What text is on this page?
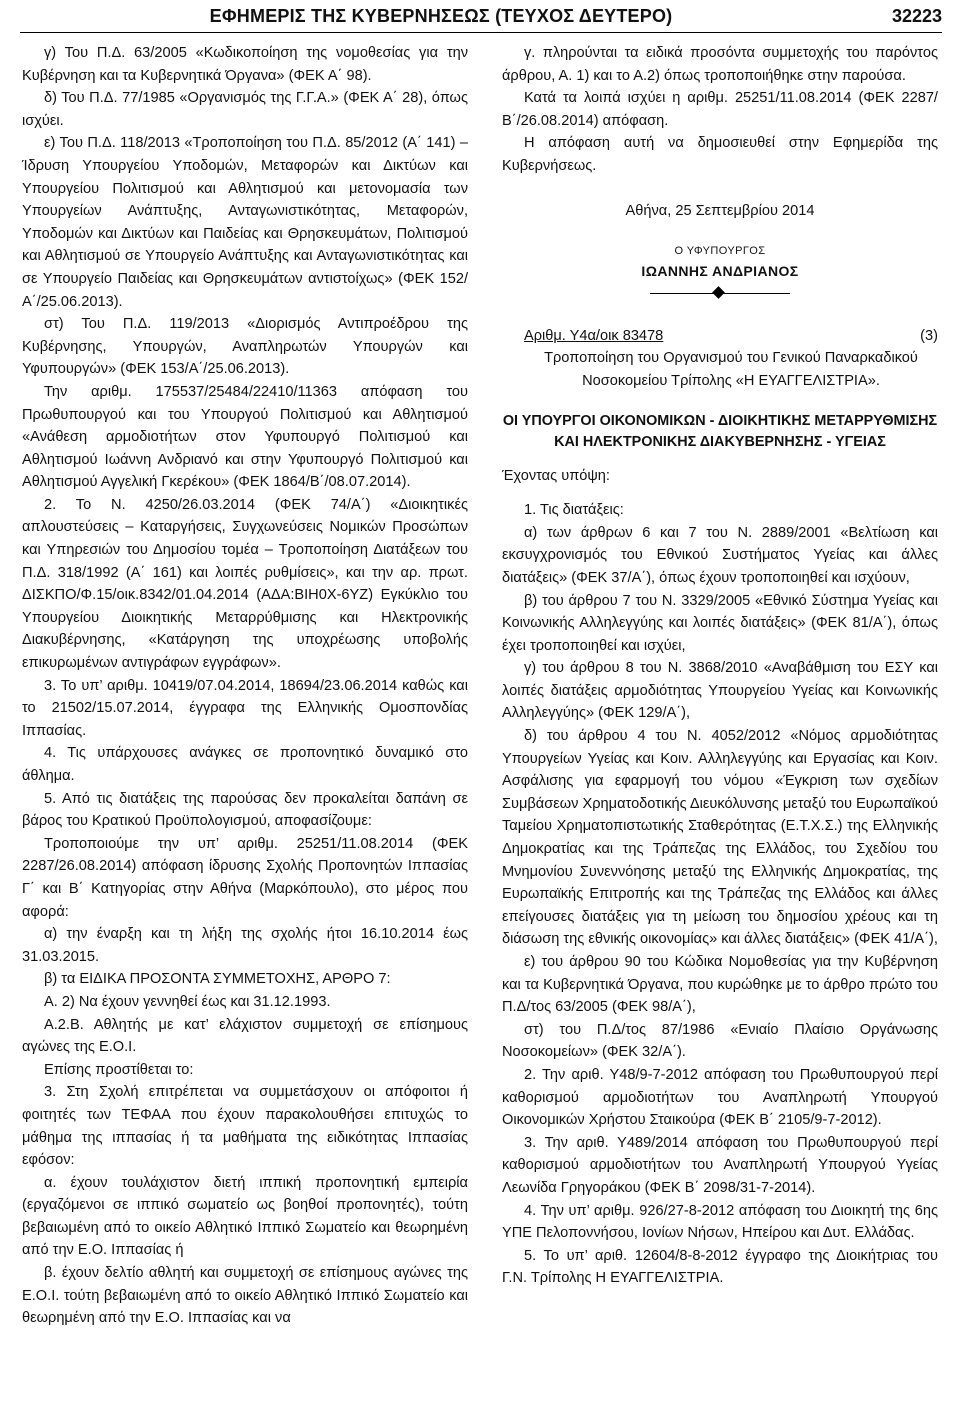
ΕΦΗΜΕΡΙΣ ΤΗΣ ΚΥΒΕΡΝΗΣΕΩΣ (ΤΕΥΧΟΣ ΔΕΥΤΕΡΟ)	32223

γ) Του Π.Δ. 63/2005 «Κωδικοποίηση της νομοθεσίας για την Κυβέρνηση και τα Κυβερνητικά Όργανα» (ΦΕΚ Α΄ 98).

δ) Του Π.Δ. 77/1985 «Οργανισμός της Γ.Γ.Α.» (ΦΕΚ Α΄ 28), όπως ισχύει.

ε) Του Π.Δ. 118/2013 «Τροποποίηση του Π.Δ. 85/2012 (Α΄ 141) – Ίδρυση Υπουργείου Υποδομών, Μεταφορών και Δικτύων και Υπουργείου Πολιτισμού και Αθλητισμού και μετονομασία των Υπουργείων Ανάπτυξης, Ανταγωνιστικότητας, Μεταφορών, Υποδομών και Δικτύων και Παιδείας και Θρησκευμάτων, Πολιτισμού και Αθλητισμού σε Υπουργείο Ανάπτυξης και Ανταγωνιστικότητας και σε Υπουργείο Παιδείας και Θρησκευμάτων αντιστοίχως» (ΦΕΚ 152/Α΄/25.06.2013).

στ) Του Π.Δ. 119/2013 «Διορισμός Αντιπροέδρου της Κυβέρνησης, Υπουργών, Αναπληρωτών Υπουργών και Υφυπουργών» (ΦΕΚ 153/Α΄/25.06.2013).

Την αριθμ. 175537/25484/22410/11363 απόφαση του Πρωθυπουργού και του Υπουργού Πολιτισμού και Αθλητισμού «Ανάθεση αρμοδιοτήτων στον Υφυπουργό Πολιτισμού και Αθλητισμού Ιωάννη Ανδριανό και στην Υφυπουργό Πολιτισμού και Αθλητισμού Αγγελική Γκερέκου» (ΦΕΚ 1864/Β΄/08.07.2014).

2. Το Ν. 4250/26.03.2014 (ΦΕΚ 74/Α΄) «Διοικητικές απλουστεύσεις – Καταργήσεις, Συγχωνεύσεις Νομικών Προσώπων και Υπηρεσιών του Δημοσίου τομέα – Τροποποίηση Διατάξεων του Π.Δ. 318/1992 (Α΄ 161) και λοιπές ρυθμίσεις», και την αρ. πρωτ. ΔΙΣΚΠΟ/Φ.15/οικ.8342/01.04.2014 (ΑΔΑ:ΒΙΗ0Χ-6ΥΖ) Εγκύκλιο του Υπουργείου Διοικητικής Μεταρρύθμισης και Ηλεκτρονικής Διακυβέρνησης, «Κατάργηση της υποχρέωσης υποβολής επικυρωμένων αντιγράφων εγγράφων».

3. Το υπ’ αριθμ. 10419/07.04.2014, 18694/23.06.2014 καθώς και το 21502/15.07.2014, έγγραφα της Ελληνικής Ομοσπονδίας Ιππασίας.

4. Τις υπάρχουσες ανάγκες σε προπονητικό δυναμικό στο άθλημα.

5. Από τις διατάξεις της παρούσας δεν προκαλείται δαπάνη σε βάρος του Κρατικού Προϋπολογισμού, αποφασίζουμε:

Τροποποιούμε την υπ’ αριθμ. 25251/11.08.2014 (ΦΕΚ 2287/26.08.2014) απόφαση ίδρυσης Σχολής Προπονητών Ιππασίας Γ΄ και Β΄ Κατηγορίας στην Αθήνα (Μαρκόπουλο), στο μέρος που αφορά:

α) την έναρξη και τη λήξη της σχολής ήτοι 16.10.2014 έως 31.03.2015.

β) τα ΕΙΔΙΚΑ ΠΡΟΣΟΝΤΑ ΣΥΜΜΕΤΟΧΗΣ, ΑΡΘΡΟ 7:

Α. 2) Να έχουν γεννηθεί έως και 31.12.1993.

Α.2.Β. Αθλητής με κατ’ ελάχιστον συμμετοχή σε επίσημους αγώνες της Ε.Ο.Ι.

Επίσης προστίθεται το:

3. Στη Σχολή επιτρέπεται να συμμετάσχουν οι απόφοιτοι ή φοιτητές των ΤΕΦΑΑ που έχουν παρακολουθήσει επιτυχώς το μάθημα της ιππασίας ή τα μαθήματα της ειδικότητας Ιππασίας εφόσον:

α. έχουν τουλάχιστον διετή ιππική προπονητική εμπειρία (εργαζόμενοι σε ιππικό σωματείο ως βοηθοί προπονητές), τούτη βεβαιωμένη από το οικείο Αθλητικό Ιππικό Σωματείο και θεωρημένη από την Ε.Ο. Ιππασίας ή

β. έχουν δελτίο αθλητή και συμμετοχή σε επίσημους αγώνες της Ε.Ο.Ι. τούτη βεβαιωμένη από το οικείο Αθλητικό Ιππικό Σωματείο και θεωρημένη από την Ε.Ο. Ιππασίας και να

γ. πληρούνται τα ειδικά προσόντα συμμετοχής του παρόντος άρθρου, Α. 1) και το Α.2) όπως τροποποιήθηκε στην παρούσα.

Κατά τα λοιπά ισχύει η αριθμ. 25251/11.08.2014 (ΦΕΚ 2287/Β΄/26.08.2014) απόφαση.

Η απόφαση αυτή να δημοσιευθεί στην Εφημερίδα της Κυβερνήσεως.

Αθήνα, 25 Σεπτεμβρίου 2014

Ο ΥΦΥΠΟΥΡΓΟΣ

ΙΩΑΝΝΗΣ ΑΝΔΡΙΑΝΟΣ

Αριθμ. Υ4α/οικ 83478	(3)

Τροποποίηση του Οργανισμού του Γενικού Παναρκαδικού Νοσοκομείου Τρίπολης «Η ΕΥΑΓΓΕΛΙΣΤΡΙΑ».

ΟΙ ΥΠΟΥΡΓΟΙ ΟΙΚΟΝΟΜΙΚΩΝ - ΔΙΟΙΚΗΤΙΚΗΣ ΜΕΤΑΡΡΥΘΜΙΣΗΣ ΚΑΙ ΗΛΕΚΤΡΟΝΙΚΗΣ ΔΙΑΚΥΒΕΡΝΗΣΗΣ - ΥΓΕΙΑΣ

Έχοντας υπόψη:

1. Τις διατάξεις:

α) των άρθρων 6 και 7 του Ν. 2889/2001 «Βελτίωση και εκσυγχρονισμός του Εθνικού Συστήματος Υγείας και άλλες διατάξεις» (ΦΕΚ 37/Α΄), όπως έχουν τροποποιηθεί και ισχύουν,

β) του άρθρου 7 του Ν. 3329/2005 «Εθνικό Σύστημα Υγείας και Κοινωνικής Αλληλεγγύης και λοιπές διατάξεις» (ΦΕΚ 81/Α΄), όπως έχει τροποποιηθεί και ισχύει,

γ) του άρθρου 8 του Ν. 3868/2010 «Αναβάθμιση του ΕΣΥ και λοιπές διατάξεις αρμοδιότητας Υπουργείου Υγείας και Κοινωνικής Αλληλεγγύης» (ΦΕΚ 129/Α΄),

δ) του άρθρου 4 του Ν. 4052/2012 «Νόμος αρμοδιότητας Υπουργείων Υγείας και Κοιν. Αλληλεγγύης και Εργασίας και Κοιν. Ασφάλισης για εφαρμογή του νόμου «Έγκριση των σχεδίων Συμβάσεων Χρηματοδοτικής Διευκόλυνσης μεταξύ του Ευρωπαϊκού Ταμείου Χρηματοπιστωτικής Σταθερότητας (Ε.Τ.Χ.Σ.) της Ελληνικής Δημοκρατίας και της Τράπεζας της Ελλάδος, του Σχεδίου του Μνημονίου Συνεννόησης μεταξύ της Ελληνικής Δημοκρατίας, της Ευρωπαϊκής Επιτροπής και της Τράπεζας της Ελλάδος και άλλες επείγουσες διατάξεις για τη μείωση του δημοσίου χρέους και τη διάσωση της εθνικής οικονομίας» και άλλες διατάξεις» (ΦΕΚ 41/Α΄),

ε) του άρθρου 90 του Κώδικα Νομοθεσίας για την Κυβέρνηση και τα Κυβερνητικά Όργανα, που κυρώθηκε με το άρθρο πρώτο του Π.Δ/τος 63/2005 (ΦΕΚ 98/Α΄),

στ) του Π.Δ/τος 87/1986 «Ενιαίο Πλαίσιο Οργάνωσης Νοσοκομείων» (ΦΕΚ 32/Α΄).

2. Την αριθ. Υ48/9-7-2012 απόφαση του Πρωθυπουργού περί καθορισμού αρμοδιοτήτων του Αναπληρωτή Υπουργού Οικονομικών Χρήστου Σταικούρα (ΦΕΚ Β΄ 2105/9-7-2012).

3. Την αριθ. Υ489/2014 απόφαση του Πρωθυπουργού περί καθορισμού αρμοδιοτήτων του Αναπληρωτή Υπουργού Υγείας Λεωνίδα Γρηγοράκου (ΦΕΚ Β΄ 2098/31-7-2014).

4. Την υπ’ αριθμ. 926/27-8-2012 απόφαση του Διοικητή της 6ης ΥΠΕ Πελοποννήσου, Ιονίων Νήσων, Ηπείρου και Δυτ. Ελλάδας.

5. Το υπ’ αριθ. 12604/8-8-2012 έγγραφο της Διοικήτριας του Γ.Ν. Τρίπολης Η ΕΥΑΓΓΕΛΙΣΤΡΙΑ.
